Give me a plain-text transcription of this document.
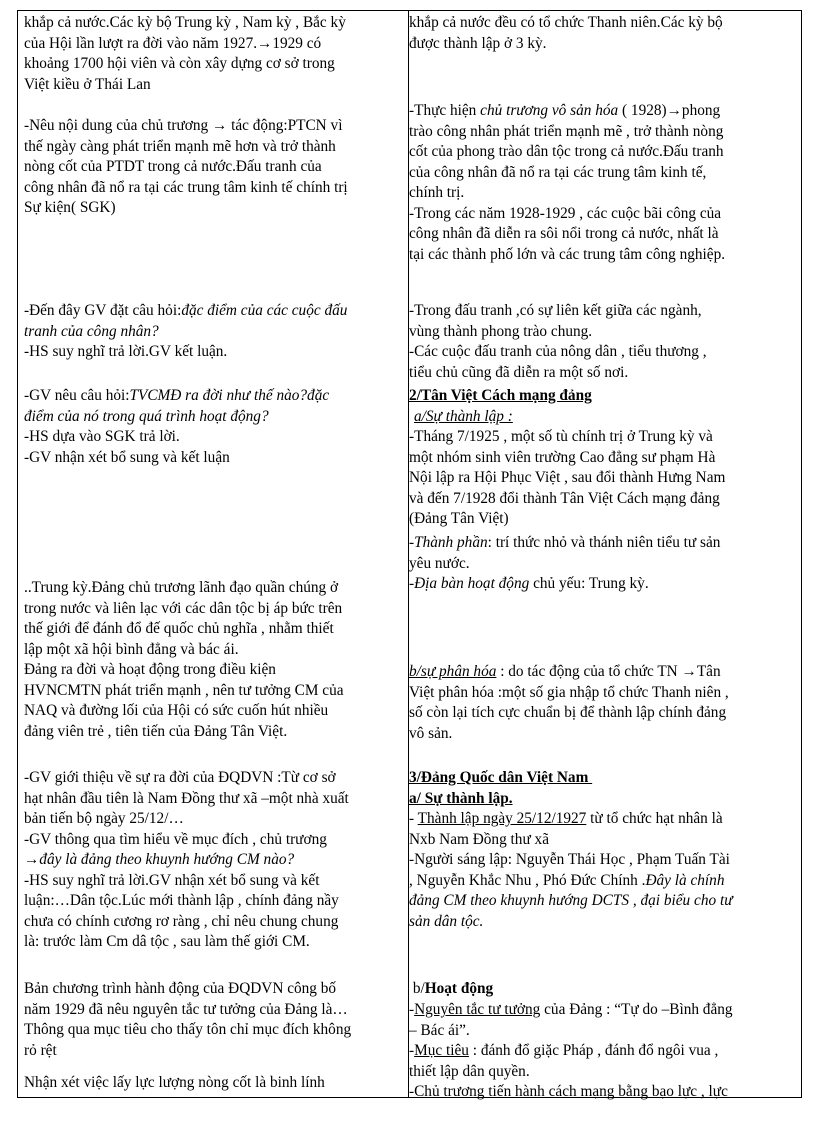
khắp cả nước.Các kỳ bộ Trung kỳ , Nam kỳ , Bắc kỳ
của Hội lần lượt ra đời vào năm 1927.→1929 có
khoảng 1700 hội viên và còn xây dựng cơ sở trong
Việt kiều ở Thái Lan
-Nêu nội dung của chủ trương → tác động:PTCN vì
thế ngày càng phát triển mạnh mẽ hơn và trở thành
nòng cốt của PTDT trong cả nước.Đấu tranh của
công nhân đã nổ ra tại các trung tâm kinh tế chính trị
Sự kiện( SGK)
-Đến đây GV đặt câu hỏi:đặc điểm của các cuộc đấu
tranh của công nhân?
-HS suy nghĩ trả lời.GV kết luận.
-GV nêu câu hỏi:TVCMĐ ra đời như thế nào?đặc
điểm của nó trong quá trình hoạt động?
-HS dựa vào SGK trả lời.
-GV nhận xét bổ sung và kết luận
..Trung kỳ.Đảng chủ trương lãnh đạo quần chúng ở
trong nước và liên lạc với các dân tộc bị áp bức trên
thế giới để đánh đổ đế quốc chủ nghĩa , nhằm thiết
lập một xã hội bình đẳng và bác ái.
Đảng ra đời và hoạt động trong điều kiện
HVNCMTN phát triển mạnh , nên tư tưởng CM của
NAQ và đường lối của Hội có sức cuốn hút nhiều
đảng viên trẻ , tiên tiến của Đảng Tân Việt.
-GV giới thiệu về sự ra đời của ĐQDVN :Từ cơ sở
hạt nhân đầu tiên là Nam Đồng thư xã –một nhà xuất
bản tiến bộ ngày 25/12/…
-GV thông qua tìm hiểu về mục đích , chủ trương
→đây là đảng theo khuynh hướng CM nào?
-HS suy nghĩ trả lời.GV nhận xét bổ sung và kết
luận:…Dân tộc.Lúc mới thành lập , chính đảng nầy
chưa có chính cương rơ ràng , chỉ nêu chung chung
là: trước làm Cm dâ tộc , sau làm thế giới CM.
Bản chương trình hành động của ĐQDVN công bố
năm 1929 đã nêu nguyên tắc tư tưởng của Đảng là…
Thông qua mục tiêu cho thấy tôn chỉ mục đích không
rỏ rệt
Nhận xét việc lấy lực lượng nòng cốt là binh lính
khắp cả nước đều có tổ chức Thanh niên.Các kỳ bộ
được thành lập ở 3 kỳ.
-Thực hiện chủ trương vô sản hóa ( 1928)→phong
trào công nhân phát triển mạnh mẽ , trở thành nòng
cốt của phong trào dân tộc trong cả nước.Đấu tranh
của công nhân đã nổ ra tại các trung tâm kinh tế,
chính trị.
-Trong các năm 1928-1929 , các cuộc bãi công của
công nhân đã diễn ra sôi nổi trong cả nước, nhất là
tại các thành phố lớn và các trung tâm công nghiệp.
-Trong đấu tranh ,có sự liên kết giữa các ngành,
vùng thành phong trào chung.
-Các cuộc đấu tranh của nông dân , tiểu thương ,
tiểu chủ cũng đã diễn ra một số nơi.
2/Tân Việt Cách mạng đảng
a/Sự thành lập :
-Tháng 7/1925 , một số tù chính trị ở Trung kỳ và
một nhóm sinh viên trường Cao đẳng sư phạm Hà
Nội lập ra Hội Phục Việt , sau đổi thành Hưng Nam
và đến 7/1928 đổi thành Tân Việt Cách mạng đảng
(Đảng Tân Việt)
-Thành phần: trí thức nhỏ và thánh niên tiểu tư sản
yêu nước.
-Địa bàn hoạt động chủ yếu: Trung kỳ.
b/sự phân hóa : do tác động của tổ chức TN →Tân
Việt phân hóa :một số gia nhập tổ chức Thanh niên ,
số còn lại tích cực chuẩn bị để thành lập chính đảng
vô sản.
3/Đảng Quốc dân Việt Nam
a/ Sự thành lập.
- Thành lập ngày 25/12/1927 từ tổ chức hạt nhân là
Nxb Nam Đồng thư xã
-Người sáng lập: Nguyễn Thái Học , Phạm Tuấn Tài
, Nguyễn Khắc Nhu , Phó Đức Chính .Đây là chính
đảng CM theo khuynh hướng DCTS , đại biểu cho tư
sản dân tộc.
b/Hoạt động
-Nguyên tắc tư tưởng của Đảng : “Tự do –Bình đẳng
– Bác ái”.
-Mục tiêu : đánh đổ giặc Pháp , đánh đổ ngôi vua ,
thiết lập dân quyền.
-Chủ trương tiến hành cách mạng bằng bạo lực , lực
